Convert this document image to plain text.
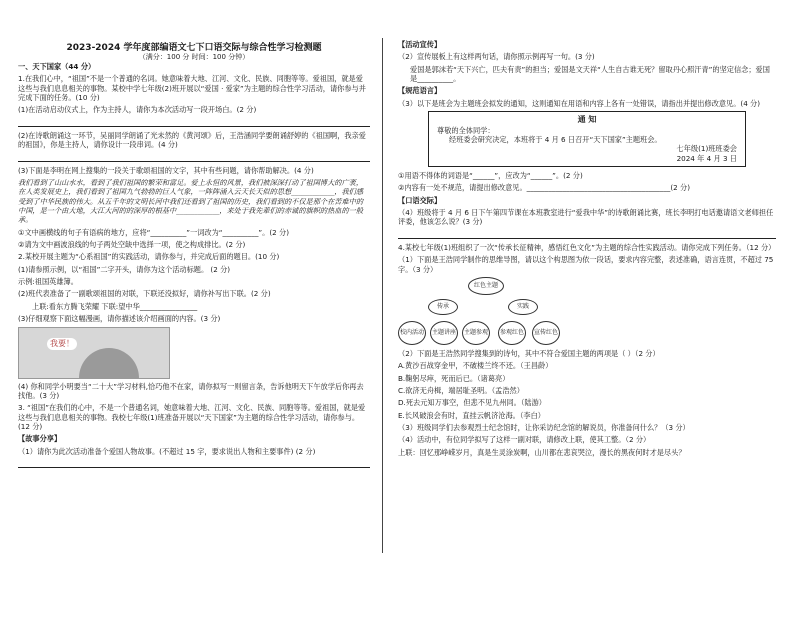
2023-2024 学年度部编语文七下口语交际与综合性学习检测题
（满分：100 分 时间：100 分钟）

一、天下国家（44 分）

1.在我们心中，“祖国”不是一个普通的名词。她意味着大地、江河、文化、民族、同胞等等。爱祖国，就是爱这些与我们息息相关的事物。某校中学七年级(2)班开展以“爱国 · 爱家”为主题的综合性学习活动，请你参与并完成下面的任务。(10 分)

(1)在活动启动仪式上，作为主持人，请你为本次活动写一段开场白。(2 分)

(2)在诗歌朗诵这一环节，吴丽同学朗诵了光未然的《黄河颂》后，王浩涵同学要朗诵舒婷的《祖国啊，我亲爱的祖国》，你是主持人，请你设计一段串词。(4 分)

(3)下面是李明在网上搜集的一段关于歌颂祖国的文字，其中有些问题，请你帮助解决。(4 分)

我们看到了山山水水，看到了我们祖国的繁荣和富足。爱上永恒的风景，我们被深深打动了祖国博大的广袤，在人类发展史上，我们看到了祖国九气勃勃的巨人气象，一阵阵涌入云天长天似的思想____________，我们感受到了中华民族的伟大。从五千年的文明长河中我们还看到了祖国的历史，我们看到的不仅是那个在苦难中的中国，是一个由大地，大江大河的的深厚的根基中____________，来处于我先辈们的赤诚的旗帜的热血的一般承。

①文中画横线的句子有语病的地方，应将“__________”一词改为“__________”。(2 分)

②请为文中画波浪线的句子两处空缺中选择一项，使之构成排比。(2 分)

2.某校开展主题为“心系祖国”的实践活动，请你参与，并完成后面的题目。(10 分)

(1)请参照示例，以“祖国”二字开头，请你为这个活动标题。 (2 分)

示例:祖国英雄簿。

(2)班代表准备了一副歌颂祖国的对联，下联还没拟好，请你补写出下联。(2 分)

上联:看东方腾飞荣耀 下联:望中华________________

(3)仔细观察下面这幅漫画，请你描述该介绍画面的内容。(3 分)

我要！

(4) 你和同学小明要当“二十大”学习材料,恰巧他不在家，请你拟写一则留言条，告诉他明天下午放学后你再去找他。(3 分)

3. “祖国”在我们的心中，不是一个普通名词，她意味着大地、江河、文化、民族、同胞等等。爱祖国，就是爱这些与我们息息相关的事物。我校七年级(1)班准备开展以“天下国家”为主题的综合性学习活动，请你参与。(12 分)

【故事分享】

（1）请你为此次活动准备个爱国人物故事。(不超过 15 字，要求说出人物和主要事件) (2 分)

【活动宣传】

（2）宣传展板上有这样两句话，请你照示例再写一句。(3 分)

爱国是郭沫若“天下兴亡，匹夫有责”的担当；爱国是文天祥“人生自古谁无死？留取丹心照汗青”的坚定信念；爱国是__________。

【规范语言】

（3）以下是班会为主题班会拟发的通知，这则通知在用语和内容上各有一处错误，请指出并提出修改意见。(4 分)

通 知
尊敬的全体同学：
经班委会研究决定，本班将于 4 月 6 日召开“天下国家”主题班会。
七年级(1)班班委会
2024 年 4 月 3 日

①用语不得体的词语是“______”，应改为“______”。(2 分)

②内容有一处不规范，请提出修改意见。________________________________________(2 分)

【口语交际】

（4）班级将于 4 月 6 日下午第四节课在本班教室进行“爱我中华”的诗歌朗诵比赛，班长李明打电话邀请语文老师担任评委，他该怎么说？(3 分)

4.某校七年级(1)班组织了一次“传承长征精神，感悟红色文化”为主题的综合性实践活动。请你完成下列任务。（12 分）

（1）下面是王浩同学制作的思维导图，请以这个构思图为依一段话，要求内容完整，表述准确，语言连贯，不超过 75 字。（3 分）

红色主题
传承	实践
校内活动	主题讲座	主题参观	参观红色	宣传红色

（2）下面是王浩然同学搜集到的诗句，其中不符合爱国主题的两项是（ ）（2 分）

A.黄沙百战穿金甲，不破楼兰终不还。（王昌龄）

B.鞠躬尽瘁，死而后已。（诸葛亮）

C.欲济无舟楫，端居耻圣明。（孟浩然）

D.死去元知万事空，但悲不见九州同。（陆游）

E.长风破浪会有时，直挂云帆济沧海。（李白）

（3）班级同学们去参观烈士纪念馆时，让你采访纪念馆的解说员，你准备问什么？（3 分）

（4）活动中，有位同学拟写了这样一副对联，请修改上联，使其工整。（2 分）

上联：回忆那峥嵘岁月，真是生灵涂炭啊，山川都在悲哀哭泣，漫长的黑夜何时才是尽头？
